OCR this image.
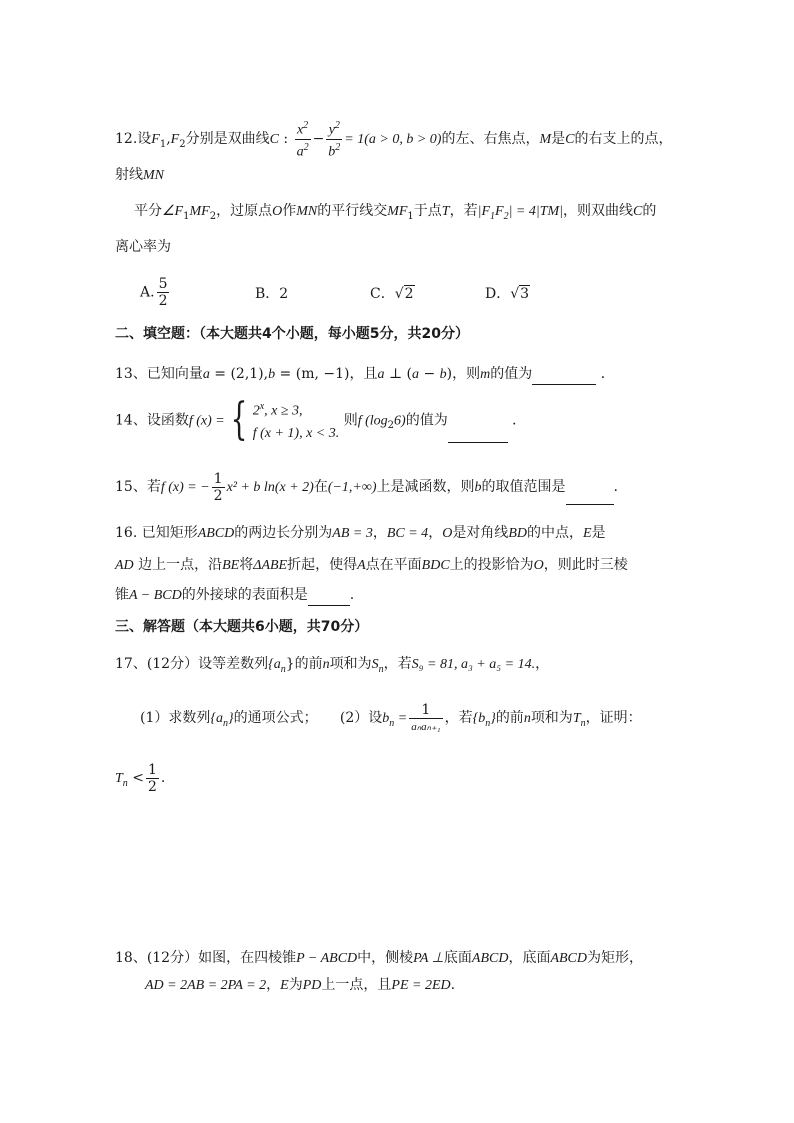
12.设$F_1,F_2$分别是双曲线C : $\frac{x^2}{a^2} - \frac{y^2}{b^2} = 1(a > 0$, b > 0)的左、右焦点，M是C的右支上的点，
射线MN
平分$\angle F_1MF_2$，过原点O作MN的平行线交$MF_1$于点T，若$|F_1F_2| = 4|TM|$，则双曲线C的
离心率为
A. $\frac{5}{2}$	B．2	C．√2	D．√3
二、填空题：（本大题共4个小题，每小题5分，共20分）
13、已知向量a = (2,1),b = (m, −1)，且a ⊥ (a − b)，则m的值为	．
14、设函数f (x) = { 2$^x$, x ≥ 3,
f (x + 1), x < 3. 则f $(\log_26)$的值为	．
15、若f (x) = − $\frac{1}{2} x^2 + b$ ln(x + 2)在(−1,+∞)上是减函数，则b的取值范围是	.
16. 已知矩形ABCD的两边长分别为AB = 3，BC = 4，O是对角线BD的中点，E是
AD 边上一点，沿BE将ΔABE折起，使得A点在平面BDC上的投影恰为O，则此时三棱
锥A − BCD的外接球的表面积是	.
三、解答题（本大题共6小题，共70分）
17、(12分）设等差数列$\{a_n\}$的前n项和为$S_n$，若S₉ = 81, a₃ + a₅ = 14.，
(1）求数列$\{a_n\}$的通项公式； (2）设$b_n = \frac{1}{\text{aₙaₙ₊₁}}$ ，若$\{b_n\}$的前n项和为$T_n$，证明：
$T_n < \frac{1}{2}$ .
18、(12分）如图，在四棱锥P − ABCD中，侧棱PA ⊥底面ABCD，底面ABCD为矩形，
AD = 2AB = 2PA = 2，E为PD上一点，且PE = 2ED.
